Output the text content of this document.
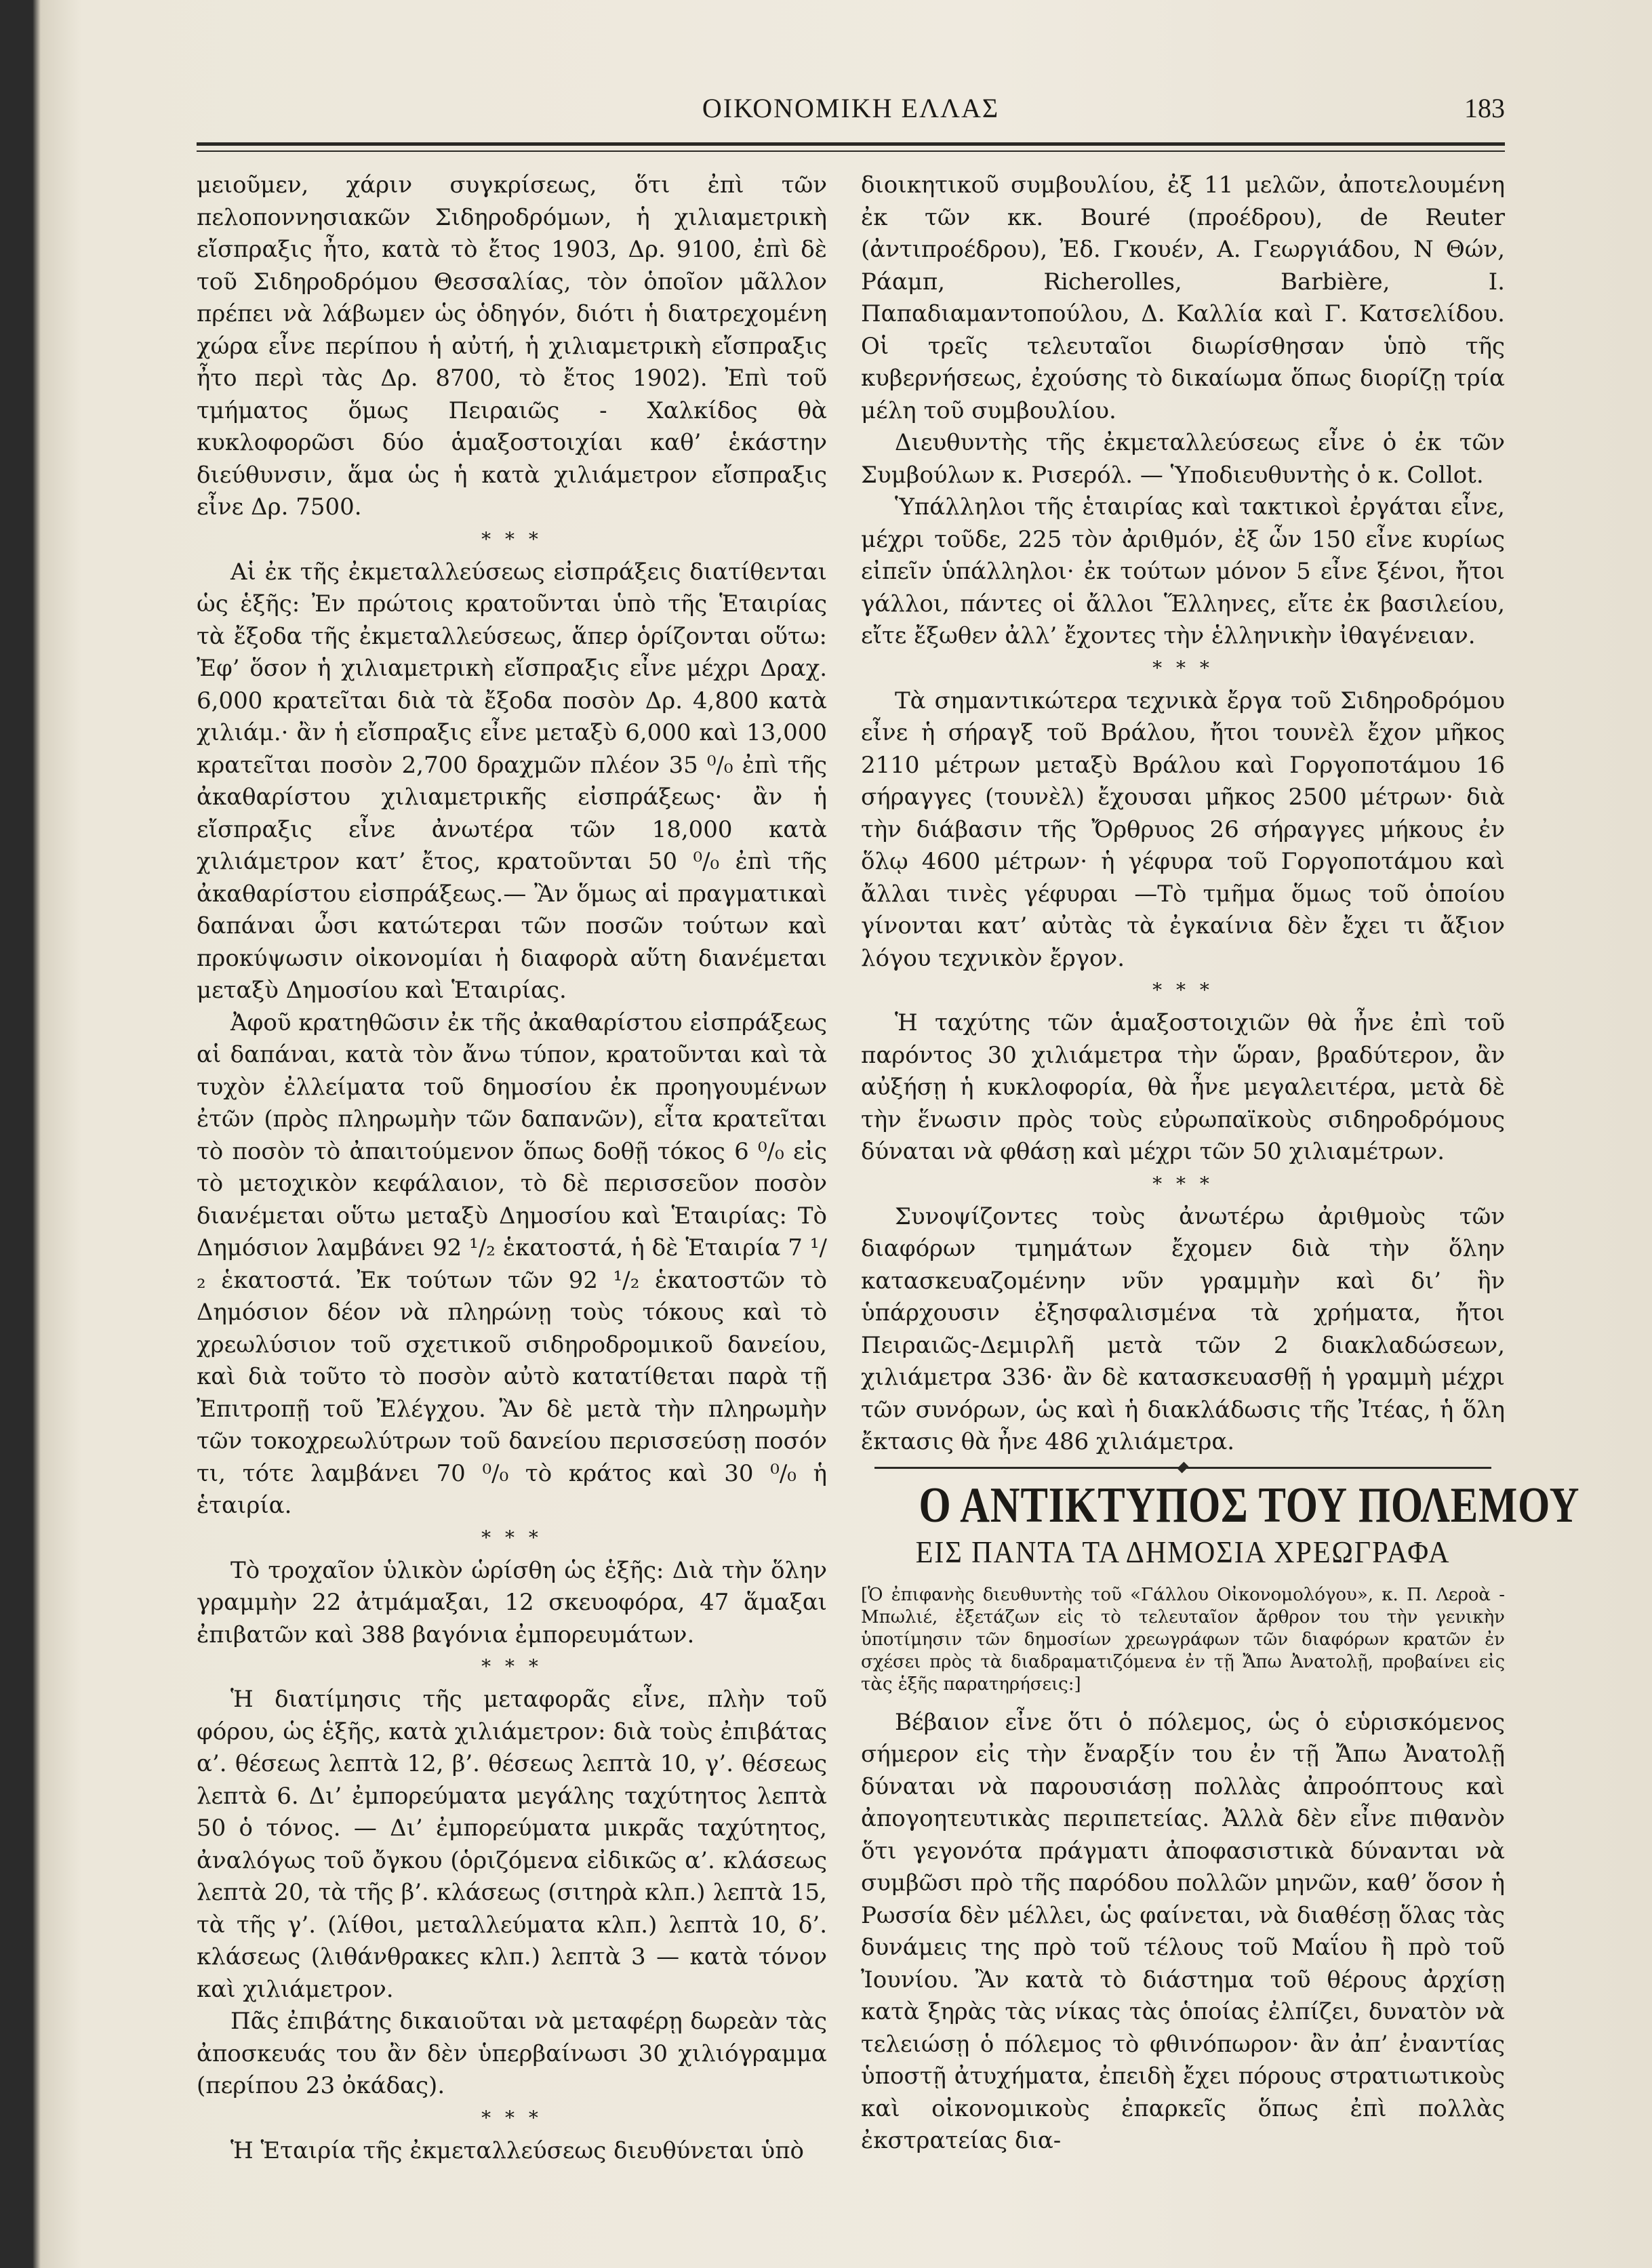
ΟΙΚΟΝΟΜΙΚΗ ΕΛΛΑΣ	183

μειοῦμεν, χάριν συγκρίσεως, ὅτι ἐπὶ τῶν πελοποννησιακῶν Σιδηροδρόμων, ἡ χιλιαμετρικὴ εἴσπραξις ἦτο, κατὰ τὸ ἔτος 1903, Δρ. 9100, ἐπὶ δὲ τοῦ Σιδηροδρόμου Θεσσαλίας, τὸν ὁποῖον μᾶλλον πρέπει νὰ λάβωμεν ὡς ὁδηγόν, διότι ἡ διατρεχομένη χώρα εἶνε περίπου ἡ αὐτή, ἡ χιλιαμετρικὴ εἴσπραξις ἦτο περὶ τὰς Δρ. 8700, τὸ ἔτος 1902). Ἐπὶ τοῦ τμήματος ὅμως Πειραιῶς - Χαλκίδος θὰ κυκλοφορῶσι δύο ἁμαξοστοιχίαι καθ’ ἑκάστην διεύθυνσιν, ἅμα ὡς ἡ κατὰ χιλιάμετρον εἴσπραξις εἶνε Δρ. 7500.

* * *

Αἱ ἐκ τῆς ἐκμεταλλεύσεως εἰσπράξεις διατίθενται ὡς ἑξῆς: Ἐν πρώτοις κρατοῦνται ὑπὸ τῆς Ἑταιρίας τὰ ἔξοδα τῆς ἐκμεταλλεύσεως, ἅπερ ὁρίζονται οὕτω: Ἐφ’ ὅσον ἡ χιλιαμετρικὴ εἴσπραξις εἶνε μέχρι Δραχ. 6,000 κρατεῖται διὰ τὰ ἔξοδα ποσὸν Δρ. 4,800 κατὰ χιλιάμ.· ἂν ἡ εἴσπραξις εἶνε μεταξὺ 6,000 καὶ 13,000 κρατεῖται ποσὸν 2,700 δραχμῶν πλέον 35 ⁰/₀ ἐπὶ τῆς ἀκαθαρίστου χιλιαμετρικῆς εἰσπράξεως· ἂν ἡ εἴσπραξις εἶνε ἀνωτέρα τῶν 18,000 κατὰ χιλιάμετρον κατ’ ἔτος, κρατοῦνται 50 ⁰/₀ ἐπὶ τῆς ἀκαθαρίστου εἰσπράξεως.— Ἂν ὅμως αἱ πραγματικαὶ δαπάναι ὦσι κατώτεραι τῶν ποσῶν τούτων καὶ προκύψωσιν οἰκονομίαι ἡ διαφορὰ αὕτη διανέμεται μεταξὺ Δημοσίου καὶ Ἑταιρίας.

Ἀφοῦ κρατηθῶσιν ἐκ τῆς ἀκαθαρίστου εἰσπράξεως αἱ δαπάναι, κατὰ τὸν ἄνω τύπον, κρατοῦνται καὶ τὰ τυχὸν ἐλλείματα τοῦ δημοσίου ἐκ προηγουμένων ἐτῶν (πρὸς πληρωμὴν τῶν δαπανῶν), εἶτα κρατεῖται τὸ ποσὸν τὸ ἀπαιτούμενον ὅπως δοθῇ τόκος 6 ⁰/₀ εἰς τὸ μετοχικὸν κεφάλαιον, τὸ δὲ περισσεῦον ποσὸν διανέμεται οὕτω μεταξὺ Δημοσίου καὶ Ἑταιρίας: Τὸ Δημόσιον λαμβάνει 92 ¹/₂ ἑκατοστά, ἡ δὲ Ἑταιρία 7 ¹/₂ ἑκατοστά. Ἐκ τούτων τῶν 92 ¹/₂ ἑκατοστῶν τὸ Δημόσιον δέον νὰ πληρώνῃ τοὺς τόκους καὶ τὸ χρεωλύσιον τοῦ σχετικοῦ σιδηροδρομικοῦ δανείου, καὶ διὰ τοῦτο τὸ ποσὸν αὐτὸ κατατίθεται παρὰ τῇ Ἐπιτροπῇ τοῦ Ἐλέγχου. Ἂν δὲ μετὰ τὴν πληρωμὴν τῶν τοκοχρεωλύτρων τοῦ δανείου περισσεύσῃ ποσόν τι, τότε λαμβάνει 70 ⁰/₀ τὸ κράτος καὶ 30 ⁰/₀ ἡ ἑταιρία.

* * *

Τὸ τροχαῖον ὑλικὸν ὡρίσθη ὡς ἑξῆς: Διὰ τὴν ὅλην γραμμὴν 22 ἀτμάμαξαι, 12 σκευοφόρα, 47 ἅμαξαι ἐπιβατῶν καὶ 388 βαγόνια ἐμπορευμάτων.

* * *

Ἡ διατίμησις τῆς μεταφορᾶς εἶνε, πλὴν τοῦ φόρου, ὡς ἑξῆς, κατὰ χιλιάμετρον: διὰ τοὺς ἐπιβάτας α’. θέσεως λεπτὰ 12, β’. θέσεως λεπτὰ 10, γ’. θέσεως λεπτὰ 6. Δι’ ἐμπορεύματα μεγάλης ταχύτητος λεπτὰ 50 ὁ τόνος. — Δι’ ἐμπορεύματα μικρᾶς ταχύτητος, ἀναλόγως τοῦ ὄγκου (ὁριζόμενα εἰδικῶς α’. κλάσεως λεπτὰ 20, τὰ τῆς β’. κλάσεως (σιτηρὰ κλπ.) λεπτὰ 15, τὰ τῆς γ’. (λίθοι, μεταλλεύματα κλπ.) λεπτὰ 10, δ’. κλάσεως (λιθάνθρακες κλπ.) λεπτὰ 3 — κατὰ τόνον καὶ χιλιάμετρον.

Πᾶς ἐπιβάτης δικαιοῦται νὰ μεταφέρῃ δωρεὰν τὰς ἀποσκευάς του ἂν δὲν ὑπερβαίνωσι 30 χιλιόγραμμα (περίπου 23 ὀκάδας).

* * *

Ἡ Ἑταιρία τῆς ἐκμεταλλεύσεως διευθύνεται ὑπὸ

διοικητικοῦ συμβουλίου, ἐξ 11 μελῶν, ἀποτελουμένη ἐκ τῶν κκ. Bouré (προέδρου), de Reuter (ἀντιπροέδρου), Ἐδ. Γκουέν, Α. Γεωργιάδου, Ν Θών, Ράαμπ, Richerolles, Barbière, Ι. Παπαδιαμαντοπούλου, Δ. Καλλία καὶ Γ. Κατσελίδου. Οἱ τρεῖς τελευταῖοι διωρίσθησαν ὑπὸ τῆς κυβερνήσεως, ἐχούσης τὸ δικαίωμα ὅπως διορίζῃ τρία μέλη τοῦ συμβουλίου.

Διευθυντὴς τῆς ἐκμεταλλεύσεως εἶνε ὁ ἐκ τῶν Συμβούλων κ. Ρισερόλ. — Ὑποδιευθυντὴς ὁ κ. Collot.

Ὑπάλληλοι τῆς ἑταιρίας καὶ τακτικοὶ ἐργάται εἶνε, μέχρι τοῦδε, 225 τὸν ἀριθμόν, ἐξ ὧν 150 εἶνε κυρίως εἰπεῖν ὑπάλληλοι· ἐκ τούτων μόνον 5 εἶνε ξένοι, ἤτοι γάλλοι, πάντες οἱ ἄλλοι Ἕλληνες, εἴτε ἐκ βασιλείου, εἴτε ἔξωθεν ἀλλ’ ἔχοντες τὴν ἑλληνικὴν ἰθαγένειαν.

* * *

Τὰ σημαντικώτερα τεχνικὰ ἔργα τοῦ Σιδηροδρόμου εἶνε ἡ σήραγξ τοῦ Βράλου, ἤτοι τουνὲλ ἔχον μῆκος 2110 μέτρων μεταξὺ Βράλου καὶ Γοργοποτάμου 16 σήραγγες (τουνὲλ) ἔχουσαι μῆκος 2500 μέτρων· διὰ τὴν διάβασιν τῆς Ὄρθρυος 26 σήραγγες μήκους ἐν ὅλῳ 4600 μέτρων· ἡ γέφυρα τοῦ Γοργοποτάμου καὶ ἄλλαι τινὲς γέφυραι —Τὸ τμῆμα ὅμως τοῦ ὁποίου γίνονται κατ’ αὐτὰς τὰ ἐγκαίνια δὲν ἔχει τι ἄξιον λόγου τεχνικὸν ἔργον.

* * *

Ἡ ταχύτης τῶν ἁμαξοστοιχιῶν θὰ ἦνε ἐπὶ τοῦ παρόντος 30 χιλιάμετρα τὴν ὥραν, βραδύτερον, ἂν αὐξήσῃ ἡ κυκλοφορία, θὰ ἦνε μεγαλειτέρα, μετὰ δὲ τὴν ἕνωσιν πρὸς τοὺς εὐρωπαϊκοὺς σιδηροδρόμους δύναται νὰ φθάσῃ καὶ μέχρι τῶν 50 χιλιαμέτρων.

* * *

Συνοψίζοντες τοὺς ἀνωτέρω ἀριθμοὺς τῶν διαφόρων τμημάτων ἔχομεν διὰ τὴν ὅλην κατασκευαζομένην νῦν γραμμὴν καὶ δι’ ἣν ὑπάρχουσιν ἐξησφαλισμένα τὰ χρήματα, ἤτοι Πειραιῶς-Δεμιρλῆ μετὰ τῶν 2 διακλαδώσεων, χιλιάμετρα 336· ἂν δὲ κατασκευασθῇ ἡ γραμμὴ μέχρι τῶν συνόρων, ὡς καὶ ἡ διακλάδωσις τῆς Ἰτέας, ἡ ὅλη ἔκτασις θὰ ἦνε 486 χιλιάμετρα.

Ο ΑΝΤΙΚΤΥΠΟΣ ΤΟΥ ΠΟΛΕΜΟΥ
ΕΙΣ ΠΑΝΤΑ ΤΑ ΔΗΜΟΣΙΑ ΧΡΕΩΓΡΑΦΑ

[Ὁ ἐπιφανὴς διευθυντὴς τοῦ «Γάλλου Οἰκονομολόγου», κ. Π. Λεροὰ - Μπωλιέ, ἐξετάζων εἰς τὸ τελευταῖον ἄρθρον του τὴν γενικὴν ὑποτίμησιν τῶν δημοσίων χρεωγράφων τῶν διαφόρων κρατῶν ἐν σχέσει πρὸς τὰ διαδραματιζόμενα ἐν τῇ Ἄπω Ἀνατολῇ, προβαίνει εἰς τὰς ἑξῆς παρατηρήσεις:]

Βέβαιον εἶνε ὅτι ὁ πόλεμος, ὡς ὁ εὑρισκόμενος σήμερον εἰς τὴν ἔναρξίν του ἐν τῇ Ἄπω Ἀνατολῇ δύναται νὰ παρουσιάσῃ πολλὰς ἀπροόπτους καὶ ἀπογοητευτικὰς περιπετείας. Ἀλλὰ δὲν εἶνε πιθανὸν ὅτι γεγονότα πράγματι ἀποφασιστικὰ δύνανται νὰ συμβῶσι πρὸ τῆς παρόδου πολλῶν μηνῶν, καθ’ ὅσον ἡ Ρωσσία δὲν μέλλει, ὡς φαίνεται, νὰ διαθέσῃ ὅλας τὰς δυνάμεις της πρὸ τοῦ τέλους τοῦ Μαΐου ἢ πρὸ τοῦ Ἰουνίου. Ἂν κατὰ τὸ διάστημα τοῦ θέρους ἀρχίσῃ κατὰ ξηρὰς τὰς νίκας τὰς ὁποίας ἐλπίζει, δυνατὸν νὰ τελειώσῃ ὁ πόλεμος τὸ φθινόπωρον· ἂν ἀπ’ ἐναντίας ὑποστῇ ἀτυχήματα, ἐπειδὴ ἔχει πόρους στρατιωτικοὺς καὶ οἰκονομικοὺς ἐπαρκεῖς ὅπως ἐπὶ πολλὰς ἐκστρατείας δια-
